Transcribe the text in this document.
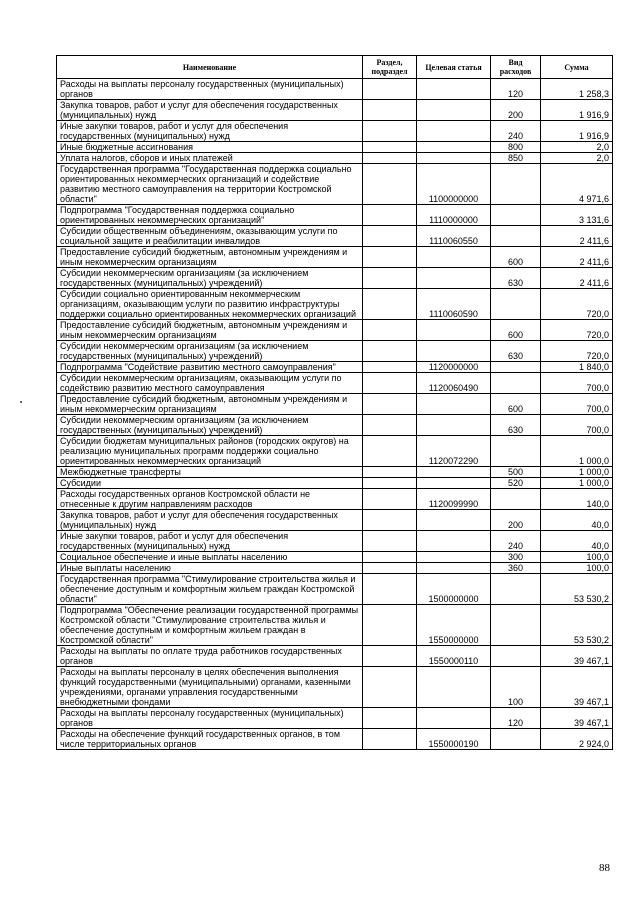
Наименование	Раздел, подраздел	Целевая статья	Вид расходов	Сумма
Расходы на выплаты персоналу государственных (муниципальных) органов			120	1 258,3
Закупка товаров, работ и услуг для обеспечения государственных (муниципальных) нужд			200	1 916,9
Иные закупки товаров, работ и услуг для обеспечения государственных (муниципальных) нужд			240	1 916,9
Иные бюджетные ассигнования			800	2,0
Уплата налогов, сборов и иных платежей			850	2,0
Государственная программа "Государственная поддержка социально ориентированных некоммерческих организаций и содействие развитию местного самоуправления на территории Костромской области"		1100000000		4 971,6
Подпрограмма "Государственная поддержка социально ориентированных некоммерческих организаций"		1110000000		3 131,6
Субсидии общественным объединениям, оказывающим услуги по социальной защите и реабилитации инвалидов		1110060550		2 411,6
Предоставление субсидий бюджетным, автономным учреждениям и иным некоммерческим организациям			600	2 411,6
Субсидии некоммерческим организациям (за исключением государственных (муниципальных) учреждений)			630	2 411,6
Субсидии социально ориентированным некоммерческим организациям, оказывающим услуги по развитию инфраструктуры поддержки социально ориентированных некоммерческих организаций		1110060590		720,0
Предоставление субсидий бюджетным, автономным учреждениям и иным некоммерческим организациям			600	720,0
Субсидии некоммерческим организациям (за исключением государственных (муниципальных) учреждений)			630	720,0
Подпрограмма "Содействие развитию местного самоуправления"		1120000000		1 840,0
Субсидии некоммерческим организациям, оказывающим услуги по содействию развитию местного самоуправления		1120060490		700,0
Предоставление субсидий бюджетным, автономным учреждениям и иным некоммерческим организациям			600	700,0
Субсидии некоммерческим организациям (за исключением государственных (муниципальных) учреждений)			630	700,0
Субсидии бюджетам муниципальных районов (городских округов) на реализацию муниципальных программ поддержки социально ориентированных некоммерческих организаций		1120072290		1 000,0
Межбюджетные трансферты			500	1 000,0
Субсидии			520	1 000,0
Расходы государственных органов Костромской области не отнесенные к другим направлениям расходов		1120099990		140,0
Закупка товаров, работ и услуг для обеспечения государственных (муниципальных) нужд			200	40,0
Иные закупки товаров, работ и услуг для обеспечения государственных (муниципальных) нужд			240	40,0
Социальное обеспечение и иные выплаты населению			300	100,0
Иные выплаты населению			360	100,0
Государственная программа "Стимулирование строительства жилья и обеспечение доступным и комфортным жильем граждан Костромской области"		1500000000		53 530,2
Подпрограмма "Обеспечение реализации государственной программы Костромской области "Стимулирование строительства жилья и обеспечение доступным и комфортным жильем граждан в Костромской области"		1550000000		53 530,2
Расходы на выплаты по оплате труда работников государственных органов		1550000110		39 467,1
Расходы на выплаты персоналу в целях обеспечения выполнения функций государственными (муниципальными) органами, казенными учреждениями, органами управления государственными внебюджетными фондами			100	39 467,1
Расходы на выплаты персоналу государственных (муниципальных) органов			120	39 467,1
Расходы на обеспечение функций государственных органов, в том числе территориальных органов		1550000190		2 924,0
88
